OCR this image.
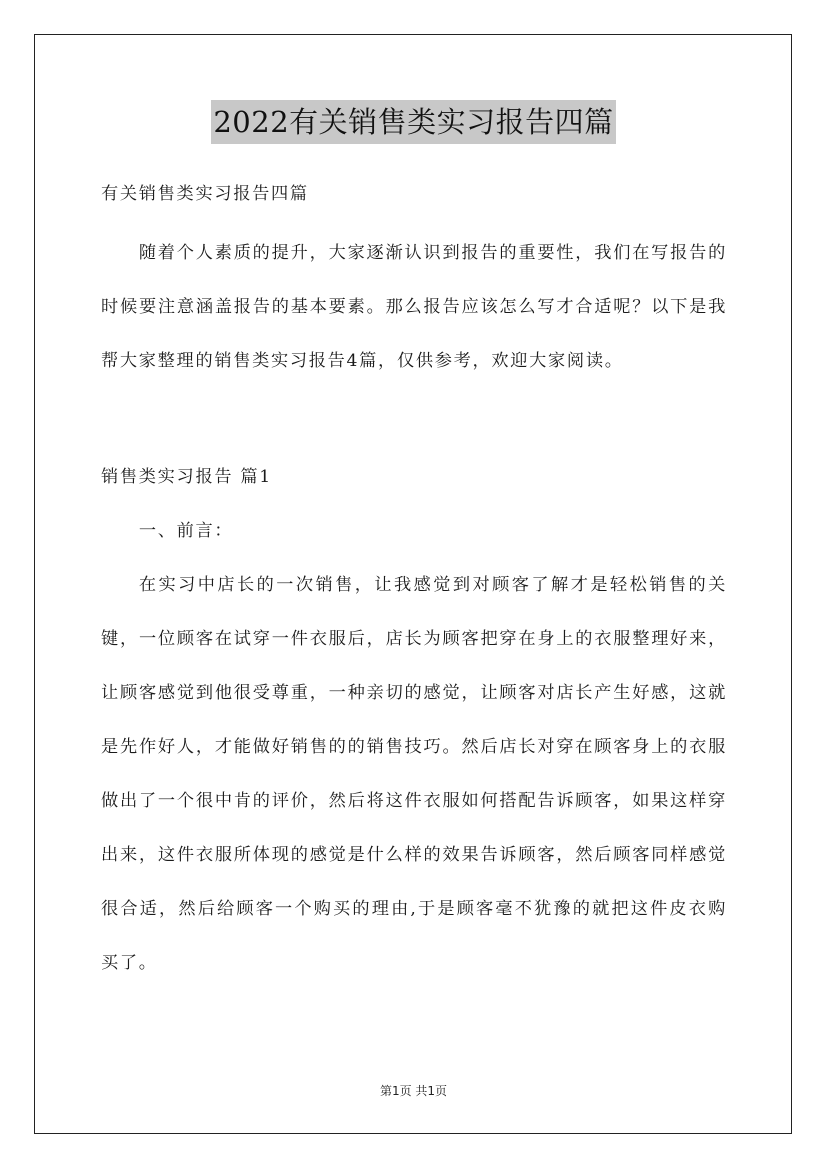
2022有关销售类实习报告四篇

有关销售类实习报告四篇

随着个人素质的提升，大家逐渐认识到报告的重要性，我们在写报告的时候要注意涵盖报告的基本要素。那么报告应该怎么写才合适呢？以下是我帮大家整理的销售类实习报告4篇，仅供参考，欢迎大家阅读。

销售类实习报告 篇1

一、前言：

在实习中店长的一次销售，让我感觉到对顾客了解才是轻松销售的关键，一位顾客在试穿一件衣服后，店长为顾客把穿在身上的衣服整理好来，让顾客感觉到他很受尊重，一种亲切的感觉，让顾客对店长产生好感，这就是先作好人，才能做好销售的的销售技巧。然后店长对穿在顾客身上的衣服做出了一个很中肯的评价，然后将这件衣服如何搭配告诉顾客，如果这样穿出来，这件衣服所体现的感觉是什么样的效果告诉顾客，然后顾客同样感觉很合适，然后给顾客一个购买的理由,于是顾客毫不犹豫的就把这件皮衣购买了。

第1页 共1页
